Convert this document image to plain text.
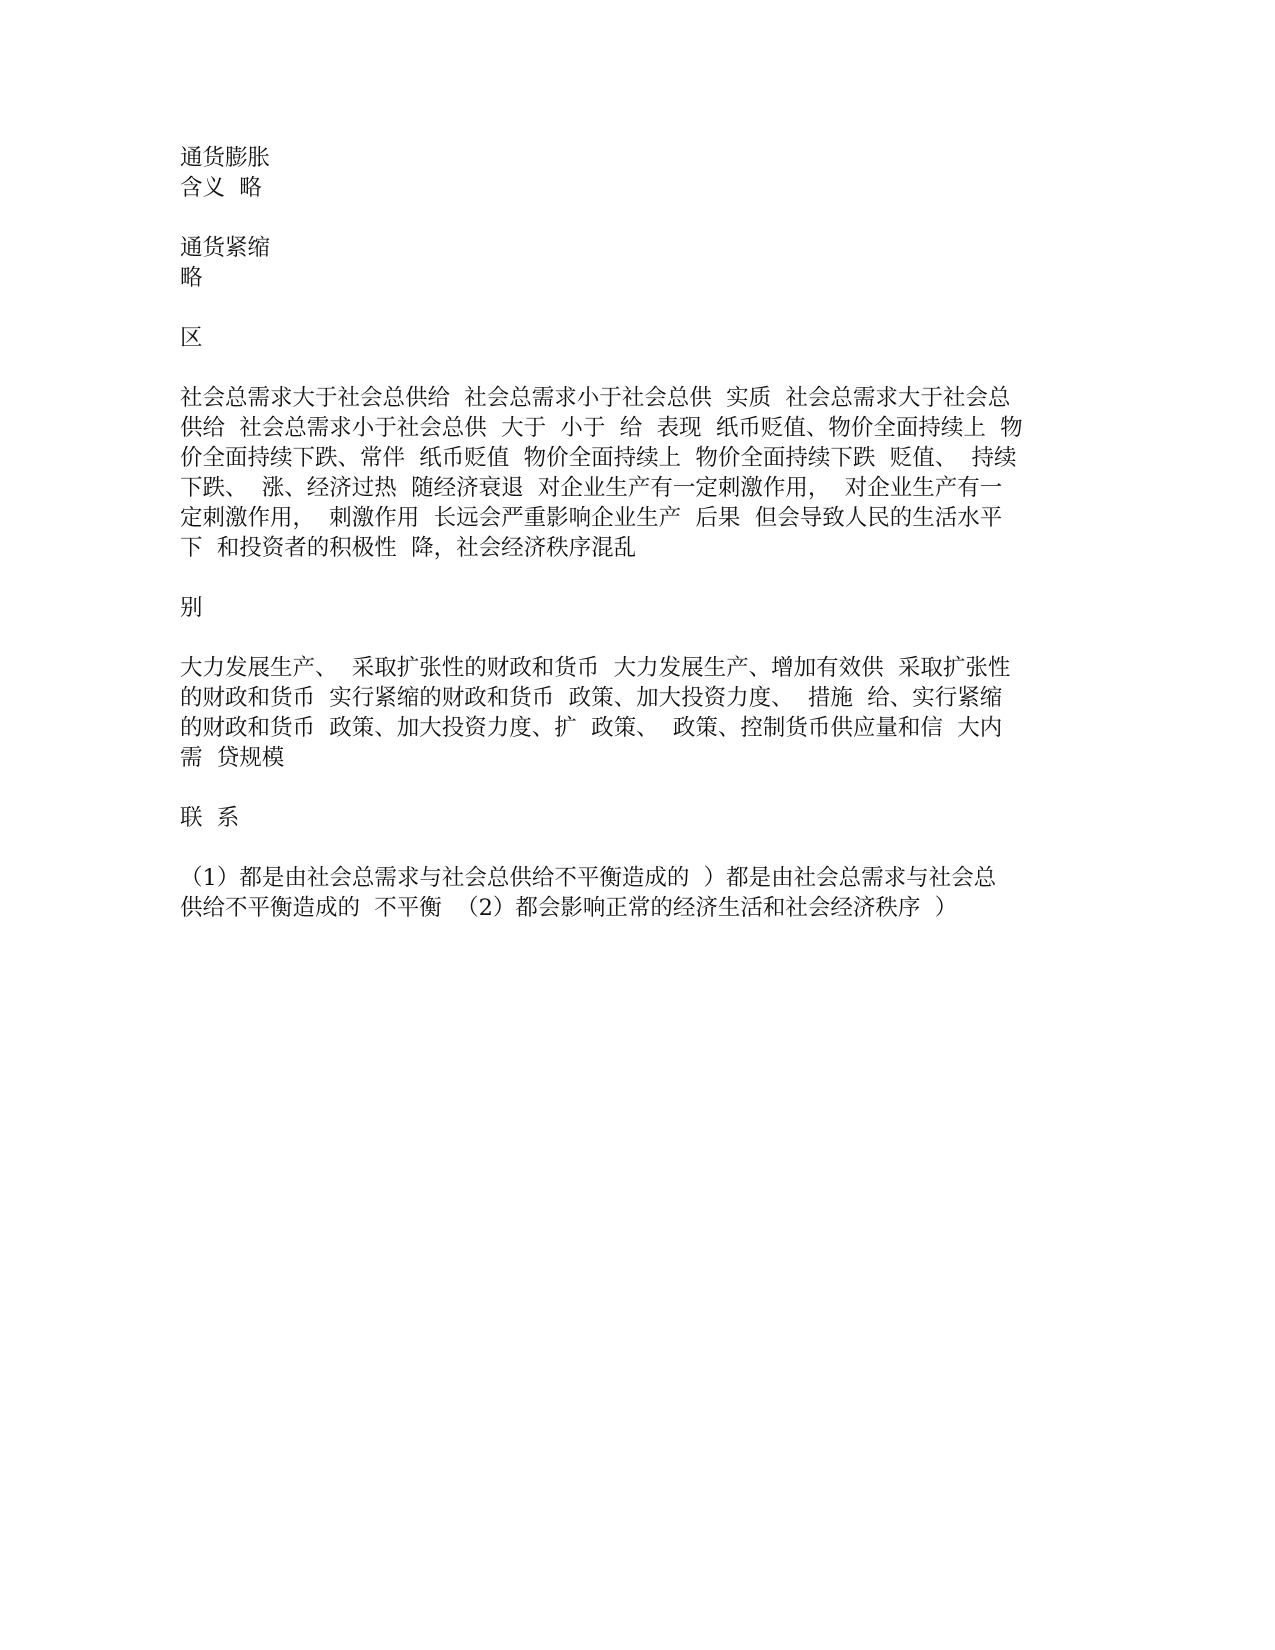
通货膨胀
含义  略
通货紧缩
略
区
社会总需求大于社会总供给  社会总需求小于社会总供  实质  社会总需求大于社会总
供给  社会总需求小于社会总供  大于  小于  给  表现  纸币贬值、物价全面持续上  物
价全面持续下跌、常伴  纸币贬值  物价全面持续上  物价全面持续下跌  贬值、  持续
下跌、  涨、经济过热  随经济衰退  对企业生产有一定刺激作用，  对企业生产有一
定刺激作用，  刺激作用  长远会严重影响企业生产  后果  但会导致人民的生活水平
下  和投资者的积极性  降，社会经济秩序混乱
别
大力发展生产、  采取扩张性的财政和货币  大力发展生产、增加有效供  采取扩张性
的财政和货币  实行紧缩的财政和货币  政策、加大投资力度、  措施  给、实行紧缩
的财政和货币  政策、加大投资力度、扩  政策、  政策、控制货币供应量和信  大内
需  贷规模
联  系
（1）都是由社会总需求与社会总供给不平衡造成的  ）都是由社会总需求与社会总
供给不平衡造成的  不平衡  （2）都会影响正常的经济生活和社会经济秩序  ）
